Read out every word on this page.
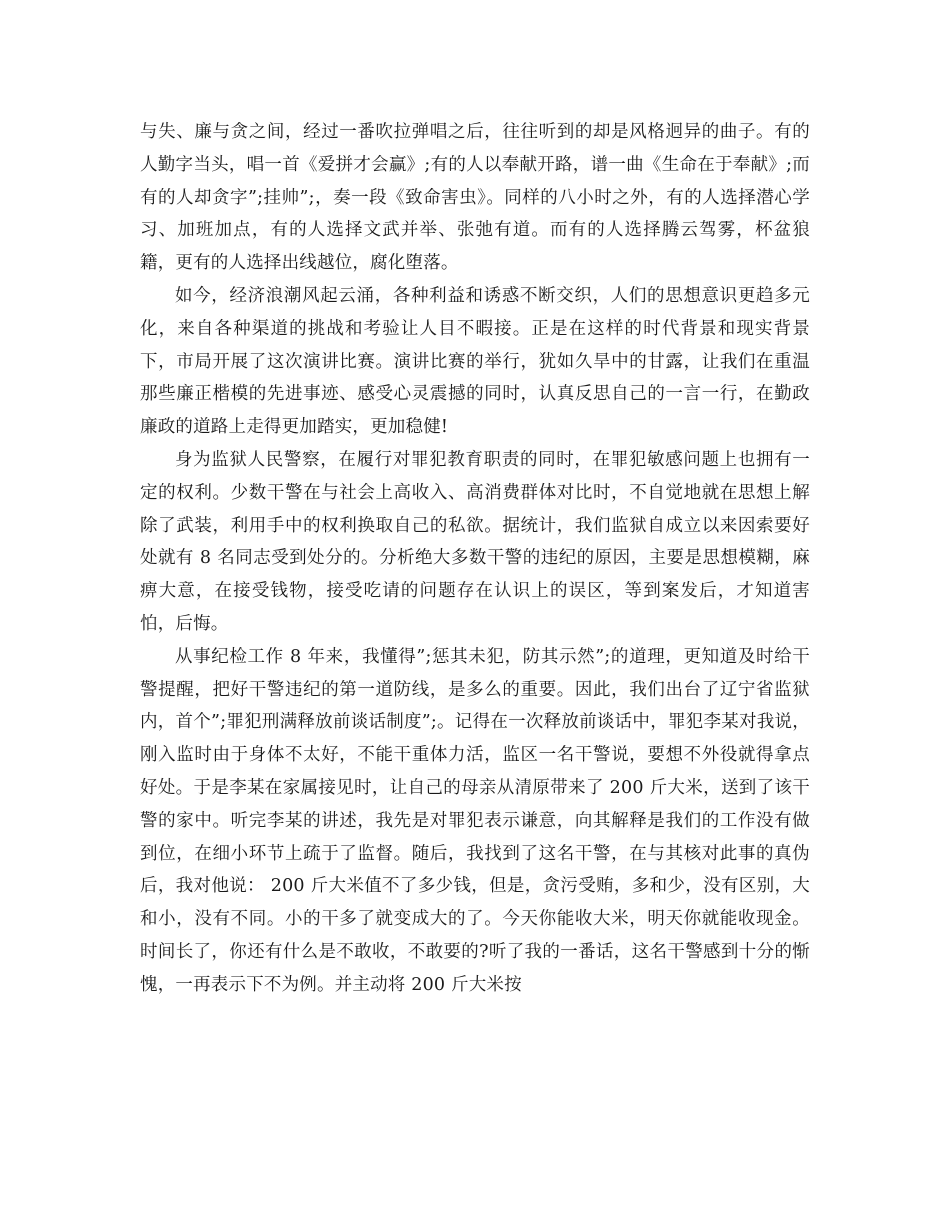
与失、廉与贪之间，经过一番吹拉弹唱之后，往往听到的却是风格迥异的曲子。有的人勤字当头，唱一首《爱拼才会赢》;有的人以奉献开路，谱一曲《生命在于奉献》;而有的人却贪字”;挂帅”;，奏一段《致命害虫》。同样的八小时之外，有的人选择潜心学习、加班加点，有的人选择文武并举、张弛有道。而有的人选择腾云驾雾，杯盆狼籍，更有的人选择出线越位，腐化堕落。

如今，经济浪潮风起云涌，各种利益和诱惑不断交织，人们的思想意识更趋多元化，来自各种渠道的挑战和考验让人目不暇接。正是在这样的时代背景和现实背景下，市局开展了这次演讲比赛。演讲比赛的举行，犹如久旱中的甘露，让我们在重温那些廉正楷模的先进事迹、感受心灵震撼的同时，认真反思自己的一言一行，在勤政廉政的道路上走得更加踏实，更加稳健!

身为监狱人民警察，在履行对罪犯教育职责的同时，在罪犯敏感问题上也拥有一定的权利。少数干警在与社会上高收入、高消费群体对比时，不自觉地就在思想上解除了武装，利用手中的权利换取自己的私欲。据统计，我们监狱自成立以来因索要好处就有 8 名同志受到处分的。分析绝大多数干警的违纪的原因，主要是思想模糊，麻痹大意，在接受钱物，接受吃请的问题存在认识上的误区，等到案发后，才知道害怕，后悔。

从事纪检工作 8 年来，我懂得”;惩其未犯，防其示然”;的道理，更知道及时给干警提醒，把好干警违纪的第一道防线，是多么的重要。因此，我们出台了辽宁省监狱内，首个”;罪犯刑满释放前谈话制度”;。记得在一次释放前谈话中，罪犯李某对我说，刚入监时由于身体不太好，不能干重体力活，监区一名干警说，要想不外役就得拿点好处。于是李某在家属接见时，让自己的母亲从清原带来了 200 斤大米，送到了该干警的家中。听完李某的讲述，我先是对罪犯表示谦意，向其解释是我们的工作没有做到位，在细小环节上疏于了监督。随后，我找到了这名干警，在与其核对此事的真伪后，我对他说： 200 斤大米值不了多少钱，但是，贪污受贿，多和少，没有区别，大和小，没有不同。小的干多了就变成大的了。今天你能收大米，明天你就能收现金。时间长了，你还有什么是不敢收，不敢要的?听了我的一番话，这名干警感到十分的惭愧，一再表示下不为例。并主动将 200 斤大米按
